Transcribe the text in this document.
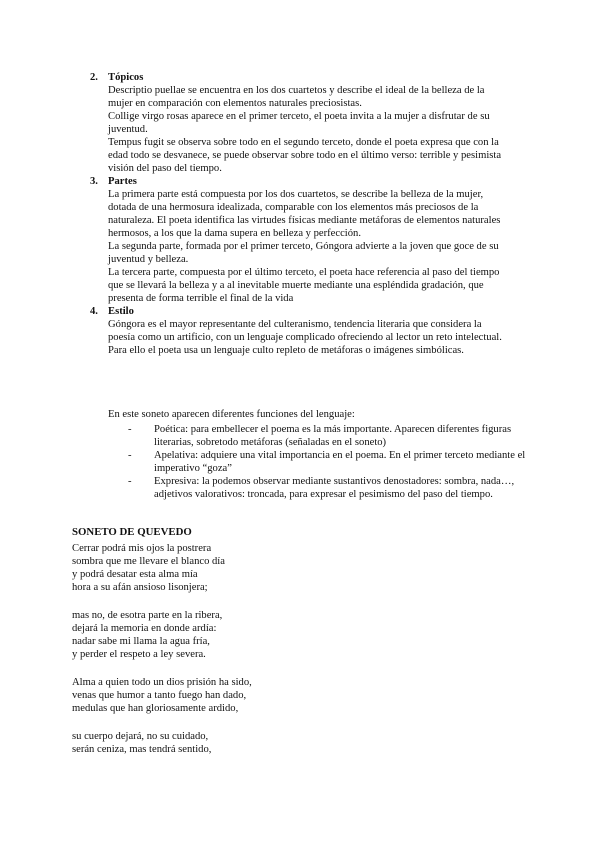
2. Tópicos

Descriptio puellae se encuentra en los dos cuartetos y describe el ideal de la belleza de la mujer en comparación con elementos naturales preciosistas.

Collige virgo rosas aparece en el primer terceto, el poeta invita a la mujer a disfrutar de su juventud.

Tempus fugit se observa sobre todo en el segundo terceto, donde el poeta expresa que con la edad todo se desvanece, se puede observar sobre todo en el último verso: terrible y pesimista visión del paso del tiempo.

3. Partes

La primera parte está compuesta por los dos cuartetos, se describe la belleza de la mujer, dotada de una hermosura idealizada, comparable con los elementos más preciosos de la naturaleza. El poeta identifica las virtudes físicas mediante metáforas de elementos naturales hermosos, a los que la dama supera en belleza y perfección.

La segunda parte, formada por el primer terceto, Góngora advierte a la joven que goce de su juventud y belleza.

La tercera parte, compuesta por el último terceto, el poeta hace referencia al paso del tiempo que se llevará la belleza y a al inevitable muerte mediante una espléndida gradación, que presenta de forma terrible el final de la vida

4. Estilo

Góngora es el mayor representante del culteranismo, tendencia literaria que considera la poesía como un artificio, con un lenguaje complicado ofreciendo al lector un reto intelectual. Para ello el poeta usa un lenguaje culto repleto de metáforas o imágenes simbólicas.

En este soneto aparecen diferentes funciones del lenguaje:

-	Poética: para embellecer el poema es la más importante. Aparecen diferentes figuras literarias, sobretodo metáforas (señaladas en el soneto)
-	Apelativa: adquiere una vital importancia en el poema. En el primer terceto mediante el imperativo “goza”
-	Expresiva: la podemos observar mediante sustantivos denostadores: sombra, nada…, adjetivos valorativos: troncada, para expresar el pesimismo del paso del tiempo.
SONETO DE QUEVEDO
Cerrar podrá mis ojos la postrera
sombra que me llevare el blanco día
y podrá desatar esta alma mía
hora a su afán ansioso lisonjera;
mas no, de esotra parte en la ribera,
dejará la memoria en donde ardía:
nadar sabe mi llama la agua fría,
y perder el respeto a ley severa.
Alma a quien todo un dios prisión ha sido,
venas que humor a tanto fuego han dado,
medulas que han gloriosamente ardido,
su cuerpo dejará, no su cuidado,
serán ceniza, mas tendrá sentido,
